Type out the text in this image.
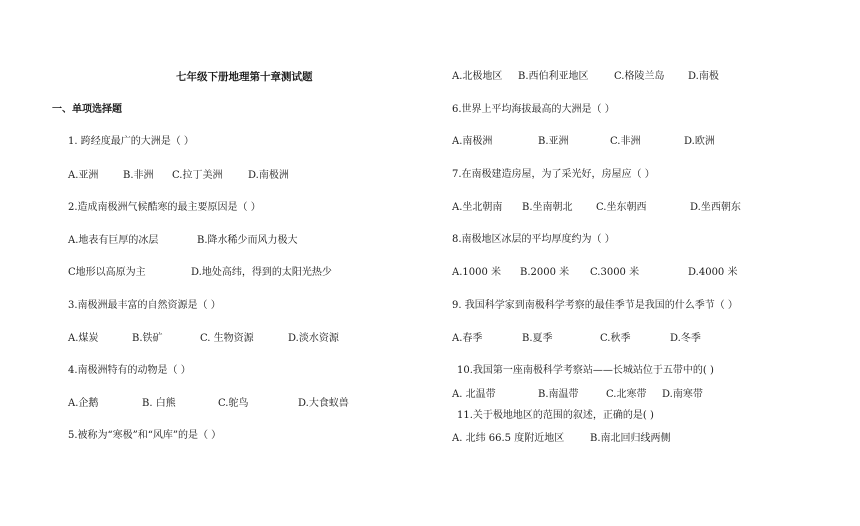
七年级下册地理第十章测试题
一、单项选择题
1. 跨经度最广的大洲是（ ）
A.亚洲 B.非洲 C.拉丁美洲	D.南极洲
2.造成南极洲气候酷寒的最主要原因是（ ）
A.地表有巨厚的冰层	B.降水稀少而风力极大
C地形以高原为主	D.地处高纬，得到的太阳光热少
3.南极洲最丰富的自然资源是（ ）
A.煤炭	B.铁矿	C. 生物资源	D.淡水资源
4.南极洲特有的动物是（ ）
A.企鹅	B. 白熊	C.鸵鸟	D.大食蚁兽
5.被称为“寒极”和“风库”的是（ ）
A.北极地区 B.西伯利亚地区	C.格陵兰岛 D.南极
6.世界上平均海拔最高的大洲是（ ）
A.南极洲	B.亚洲	C.非洲	D.欧洲
7.在南极建造房屋，为了采光好，房屋应（ ）
A.坐北朝南 B.坐南朝北 C.坐东朝西	D.坐西朝东
8.南极地区冰层的平均厚度约为（ ）
A.1000 米 B.2000 米 C.3000 米	D.4000 米
9. 我国科学家到南极科学考察的最佳季节是我国的什么季节（ ）
A.春季	B.夏季	C.秋季	D.冬季
10.我国第一座南极科学考察站——长城站位于五带中的( )
A. 北温带	B.南温带	C.北寒带 D.南寒带
11.关于极地地区的范围的叙述，正确的是( )
A. 北纬 66.5 度附近地区	B.南北回归线两侧
